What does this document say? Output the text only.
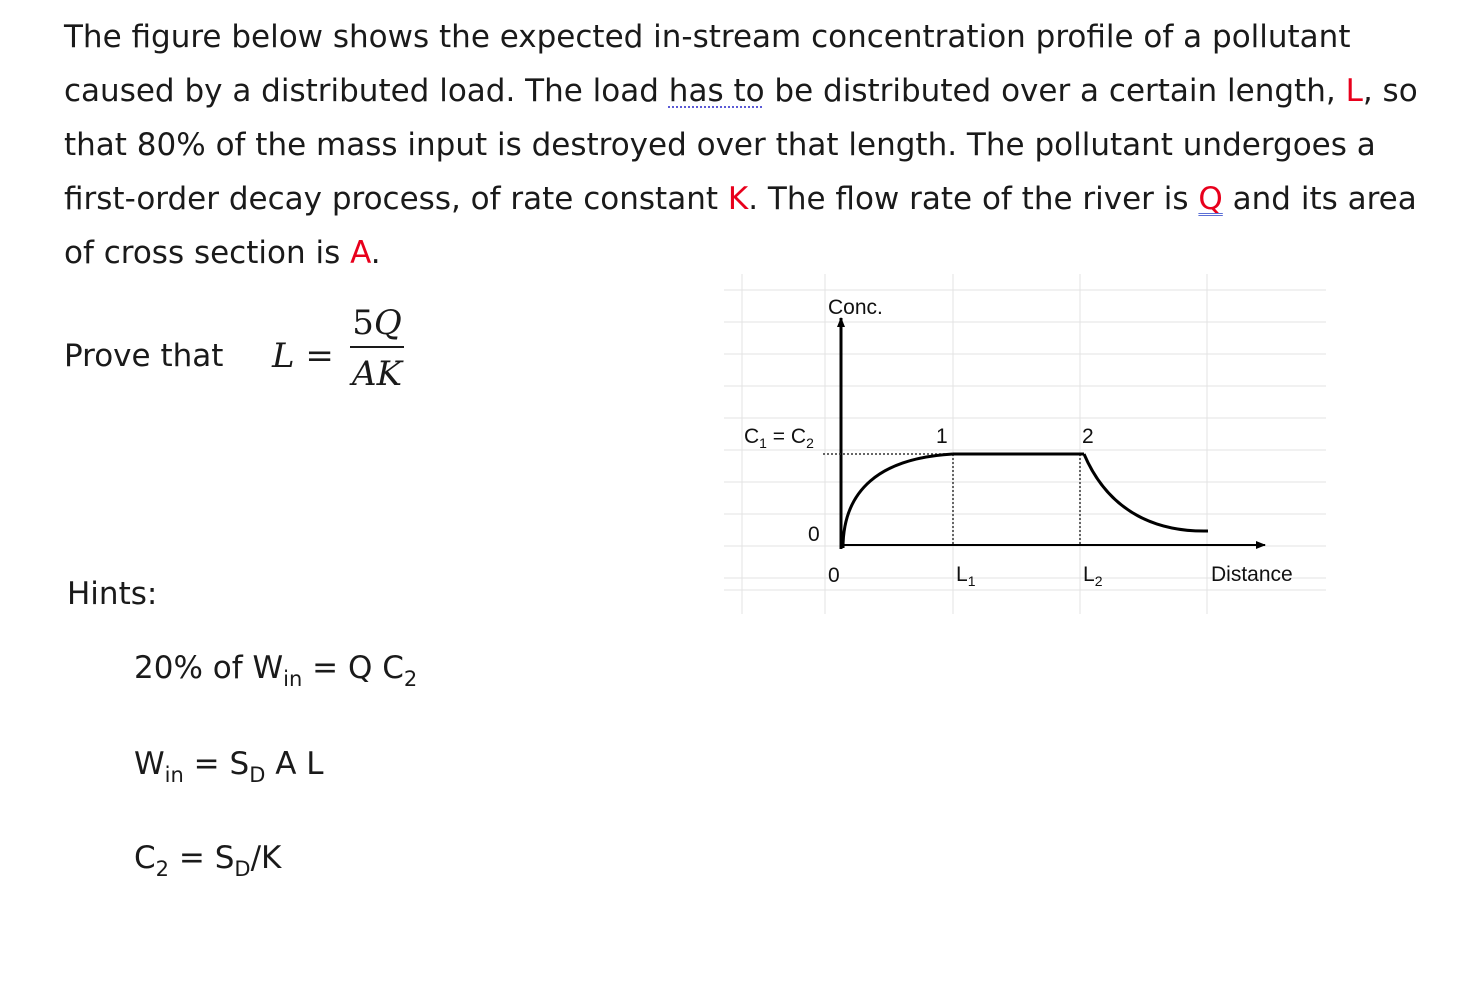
The figure below shows the expected in-stream concentration profile of a pollutant caused by a distributed load. The load has to be distributed over a certain length, L, so that 80% of the mass input is destroyed over that length. The pollutant undergoes a first-order decay process, of rate constant K. The flow rate of the river is Q and its area of cross section is A.

Prove that $L = \frac{5Q}{AK}$
Hints:
20% of $W_{in} = Q$ $C_2$
$W_{in} = S_D$ A L
$C_2 = S_D/K$
Conc.
Distance
0
$C_1 = C_2$
0	$L_1$	$L_2$
1	2
